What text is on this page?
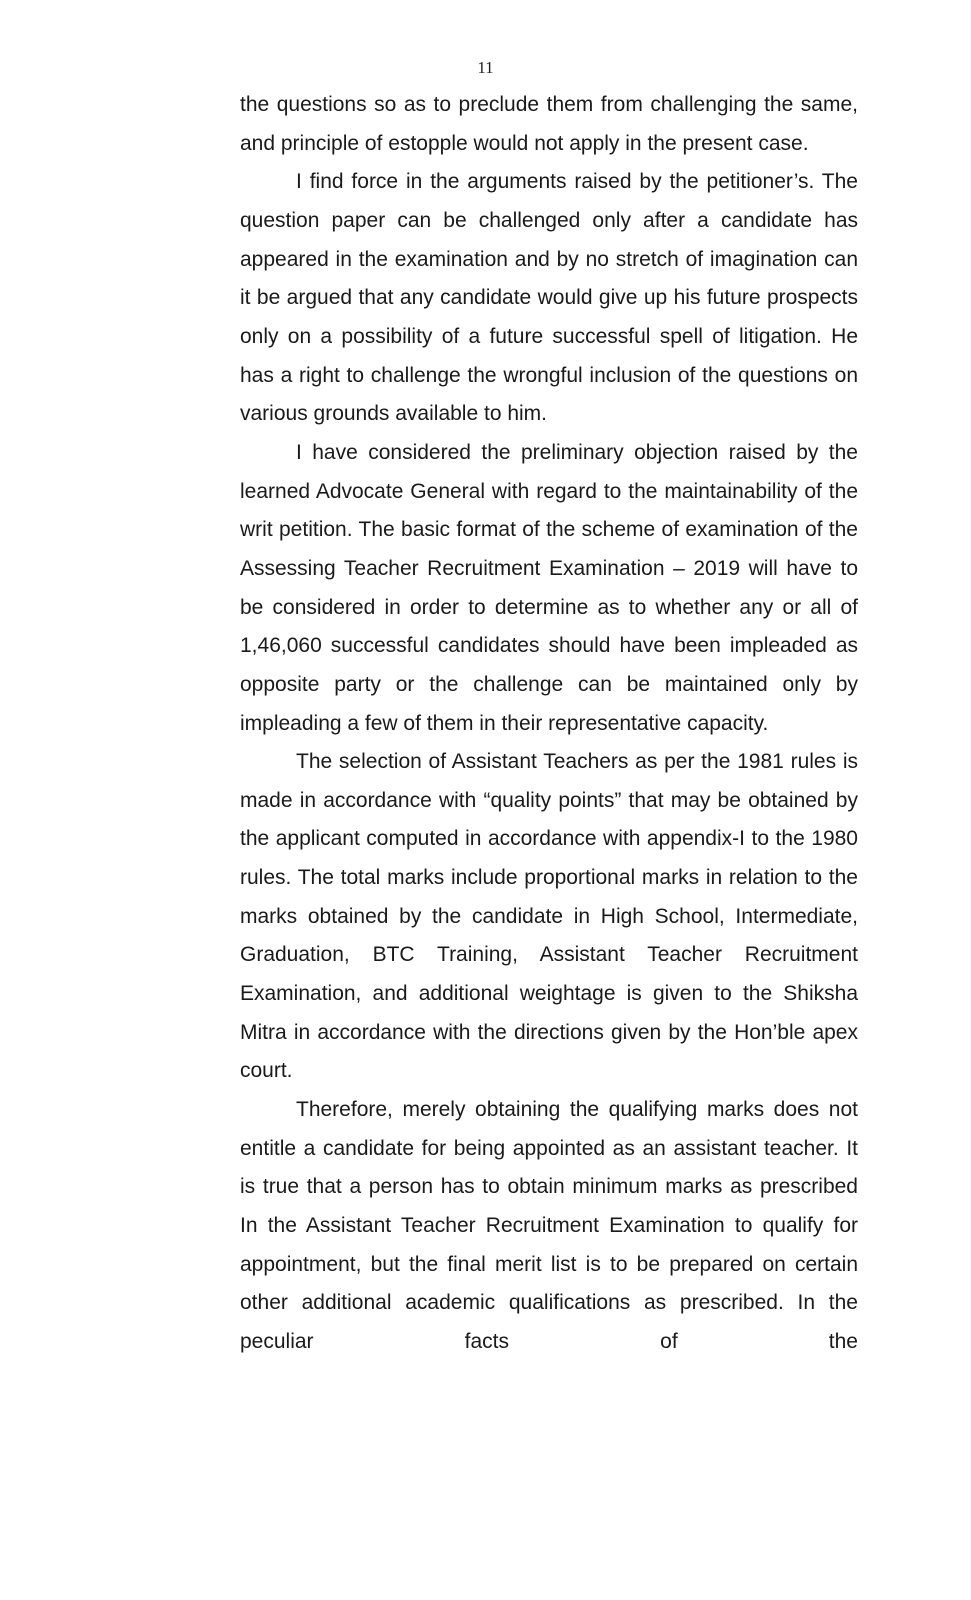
11

the questions so as to preclude them from challenging the same, and principle of estopple would not apply in the present case.

I find force in the arguments raised by the petitioner’s. The question paper can be challenged only after a candidate has appeared in the examination and by no stretch of imagination can it be argued that any candidate would give up his future prospects only on a possibility of a future successful spell of litigation. He has a right to challenge the wrongful inclusion of the questions on various grounds available to him.

I have considered the preliminary objection raised by the learned Advocate General with regard to the maintainability of the writ petition. The basic format of the scheme of examination of the Assessing Teacher Recruitment Examination – 2019 will have to be considered in order to determine as to whether any or all of 1,46,060 successful candidates should have been impleaded as opposite party or the challenge can be maintained only by impleading a few of them in their representative capacity.

The selection of Assistant Teachers as per the 1981 rules is made in accordance with “quality points” that may be obtained by the applicant computed in accordance with appendix-I to the 1980 rules. The total marks include proportional marks in relation to the marks obtained by the candidate in High School, Intermediate, Graduation, BTC Training, Assistant Teacher Recruitment Examination, and additional weightage is given to the Shiksha Mitra in accordance with the directions given by the Hon’ble apex court.

Therefore, merely obtaining the qualifying marks does not entitle a candidate for being appointed as an assistant teacher. It is true that a person has to obtain minimum marks as prescribed In the Assistant Teacher Recruitment Examination to qualify for appointment, but the final merit list is to be prepared on certain other additional academic qualifications as prescribed. In the peculiar facts of the
